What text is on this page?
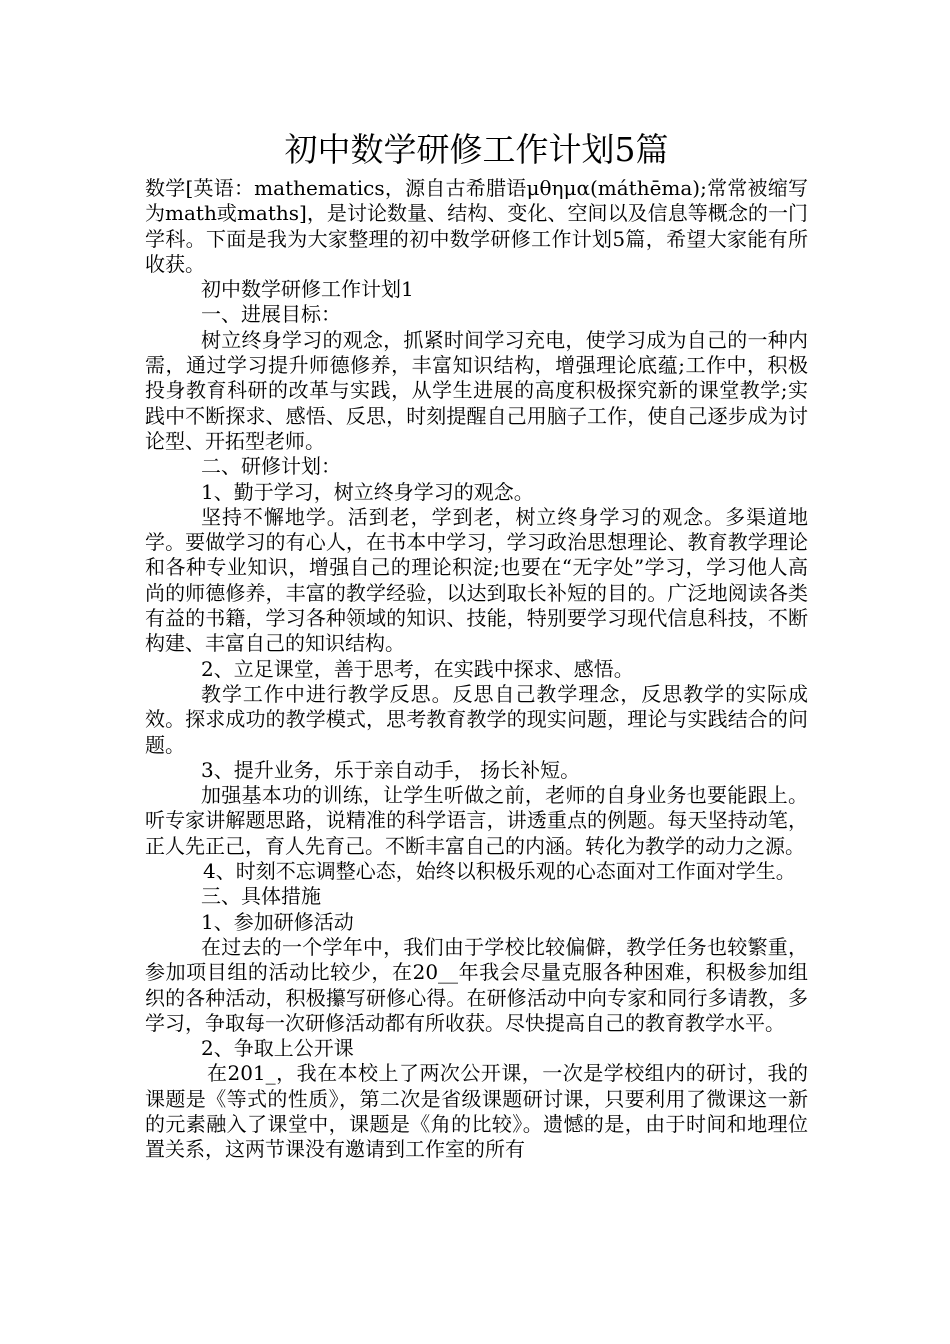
初中数学研修工作计划5篇

数学[英语：mathematics，源自古希腊语μθημα(máthēma);常常被缩写为math或maths]，是讨论数量、结构、变化、空间以及信息等概念的一门学科。下面是我为大家整理的初中数学研修工作计划5篇，希望大家能有所收获。

初中数学研修工作计划1

一、进展目标：

树立终身学习的观念，抓紧时间学习充电，使学习成为自己的一种内需，通过学习提升师德修养，丰富知识结构，增强理论底蕴;工作中，积极投身教育科研的改革与实践，从学生进展的高度积极探究新的课堂教学;实践中不断探求、感悟、反思，时刻提醒自己用脑子工作，使自己逐步成为讨论型、开拓型老师。

二、研修计划：

1、勤于学习，树立终身学习的观念。

坚持不懈地学。活到老，学到老，树立终身学习的观念。多渠道地学。要做学习的有心人，在书本中学习，学习政治思想理论、教育教学理论和各种专业知识，增强自己的理论积淀;也要在“无字处”学习，学习他人高尚的师德修养，丰富的教学经验，以达到取长补短的目的。广泛地阅读各类有益的书籍，学习各种领域的知识、技能，特别要学习现代信息科技，不断构建、丰富自己的知识结构。

2、立足课堂，善于思考，在实践中探求、感悟。

教学工作中进行教学反思。反思自己教学理念，反思教学的实际成效。探求成功的教学模式，思考教育教学的现实问题，理论与实践结合的问题。

3、提升业务，乐于亲自动手， 扬长补短。

加强基本功的训练，让学生听做之前，老师的自身业务也要能跟上。听专家讲解题思路，说精准的科学语言，讲透重点的例题。每天坚持动笔，正人先正己，育人先育己。不断丰富自己的内涵。转化为教学的动力之源。

4、时刻不忘调整心态，始终以积极乐观的心态面对工作面对学生。

三、具体措施

1、参加研修活动

在过去的一个学年中，我们由于学校比较偏僻，教学任务也较繁重，参加项目组的活动比较少，在20__年我会尽量克服各种困难，积极参加组织的各种活动，积极攥写研修心得。在研修活动中向专家和同行多请教，多学习，争取每一次研修活动都有所收获。尽快提高自己的教育教学水平。

2、争取上公开课

在201_，我在本校上了两次公开课，一次是学校组内的研讨，我的课题是《等式的性质》，第二次是省级课题研讨课，只要利用了微课这一新的元素融入了课堂中，课题是《角的比较》。遗憾的是，由于时间和地理位置关系，这两节课没有邀请到工作室的所有
